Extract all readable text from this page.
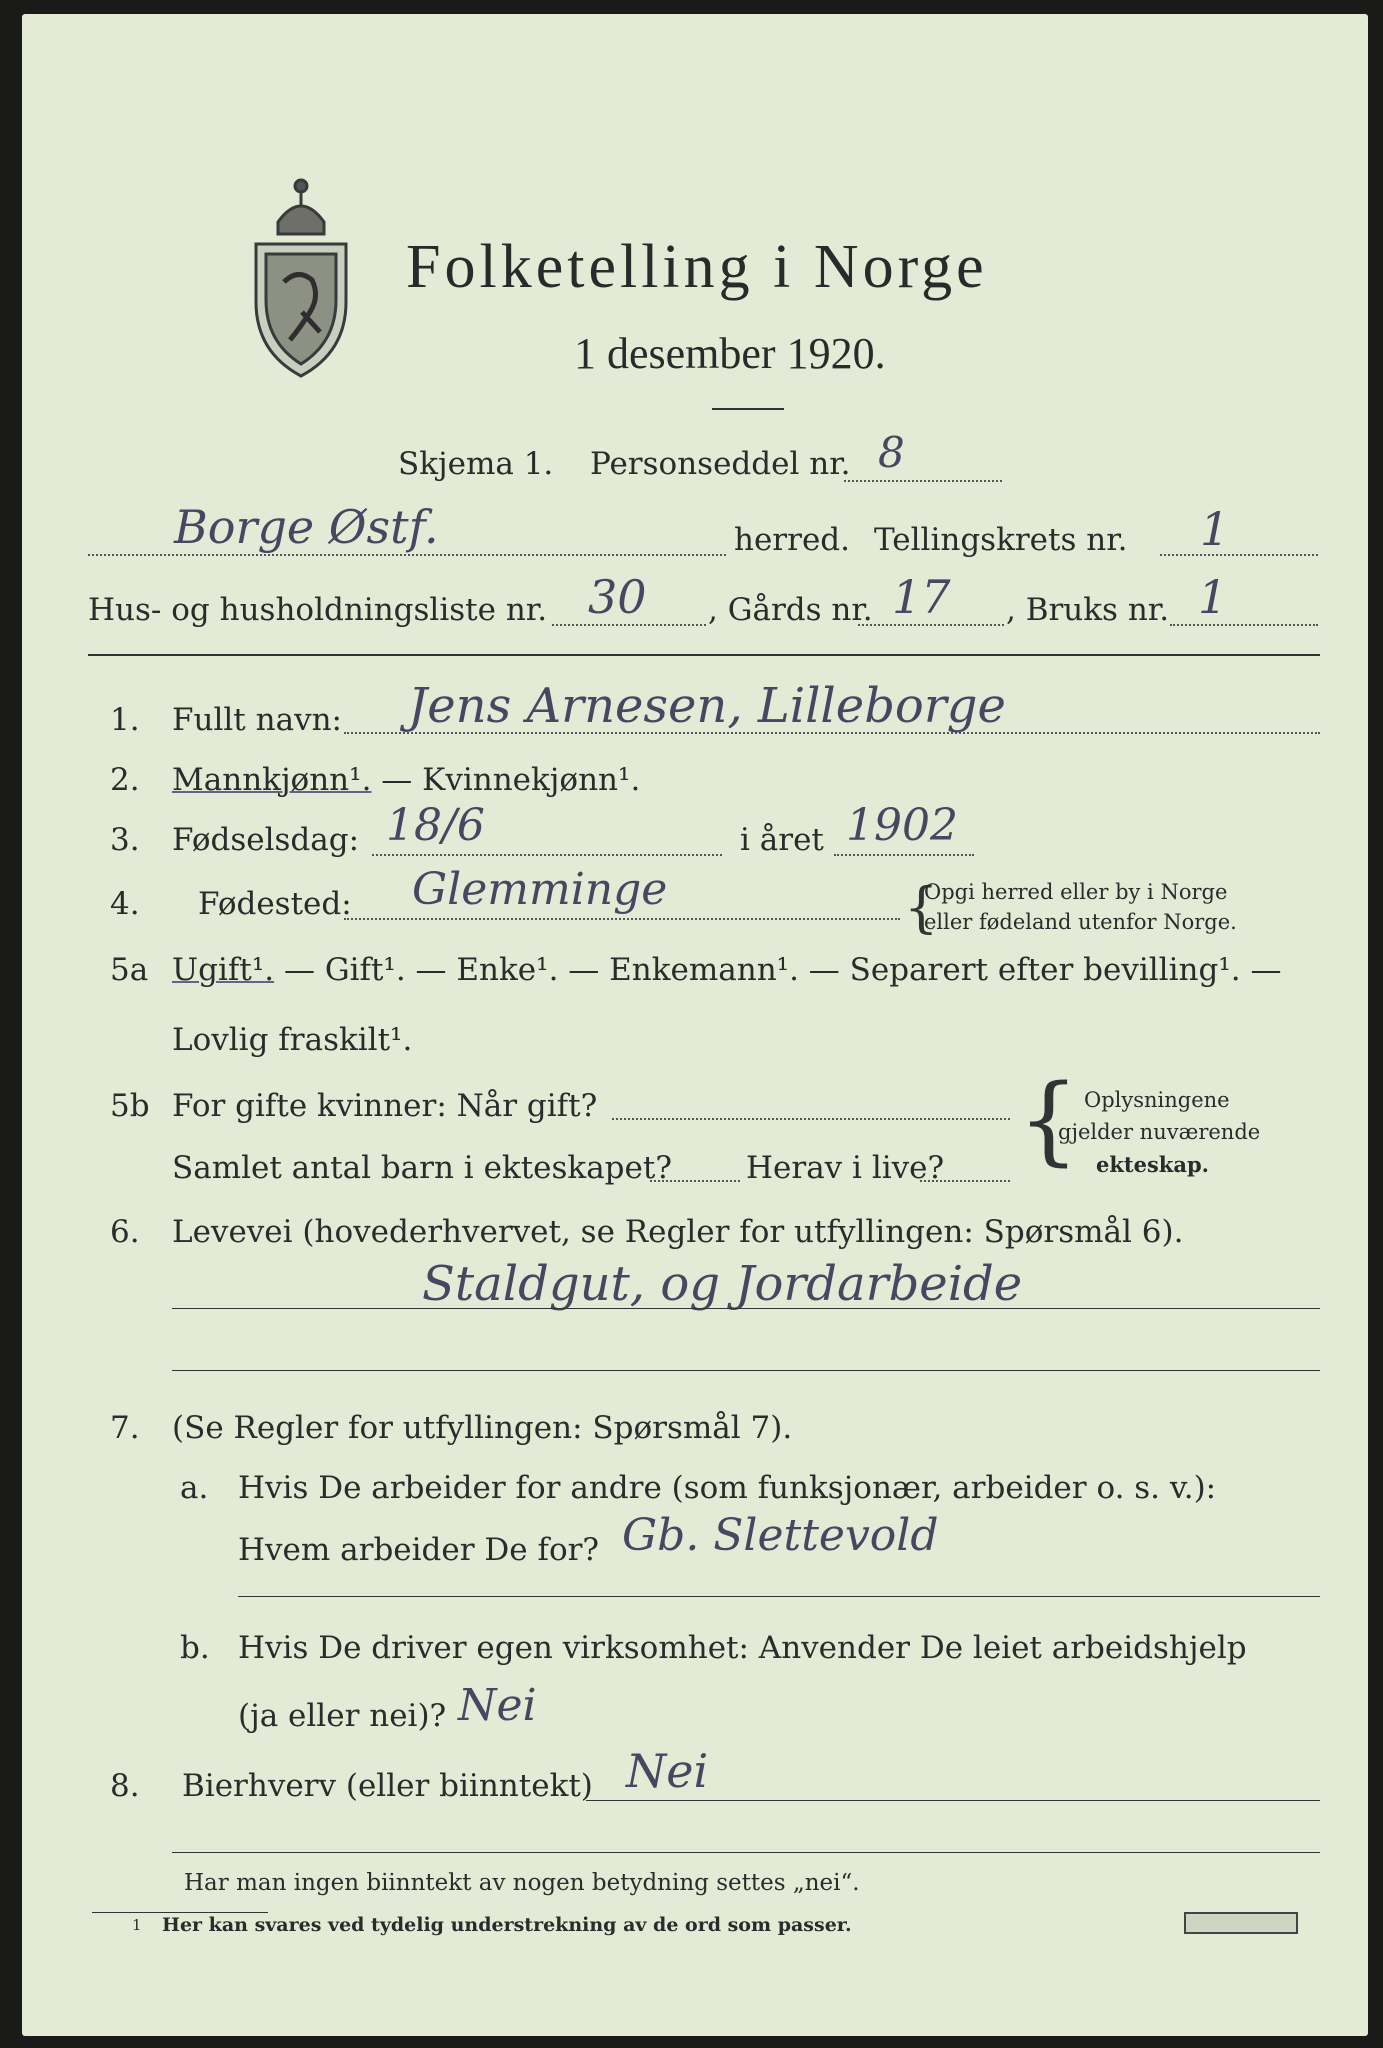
Folketelling i Norge
1 desember 1920.
Skjema 1. Personseddel nr. 8
Borge Østf.	herred. Tellingskrets nr. 1
Hus- og husholdningsliste nr. 30 , Gårds nr. 17 , Bruks nr. 1
1. Fullt navn: Jens Arnesen, Lilleborge
2. Mannkjønn¹. — Kvinnekjønn¹.
3. Fødselsdag: 18/6	i året 1902
4. Fødested: Glemminge	{
Opgi herred eller by i Norge
eller fødeland utenfor Norge.
5a Ugift¹. — Gift¹. — Enke¹. — Enkemann¹. — Separert efter bevilling¹. —
Lovlig fraskilt¹.
5b For gifte kvinner: Når gift?
Samlet antal barn i ekteskapet? Herav i live? { Oplysningene
gjelder nuværende
ekteskap.
6. Levevei (hovederhvervet, se Regler for utfyllingen: Spørsmål 6).
Staldgut, og Jordarbeide
7. (Se Regler for utfyllingen: Spørsmål 7).
a. Hvis De arbeider for andre (som funksjonær, arbeider o. s. v.):
Hvem arbeider De for? Gb. Slettevold
b. Hvis De driver egen virksomhet: Anvender De leiet arbeidshjelp
(ja eller nei)? Nei
8. Bierhverv (eller biinntekt) Nei
Har man ingen biinntekt av nogen betydning settes „nei“.
1 Her kan svares ved tydelig understrekning av de ord som passer.
